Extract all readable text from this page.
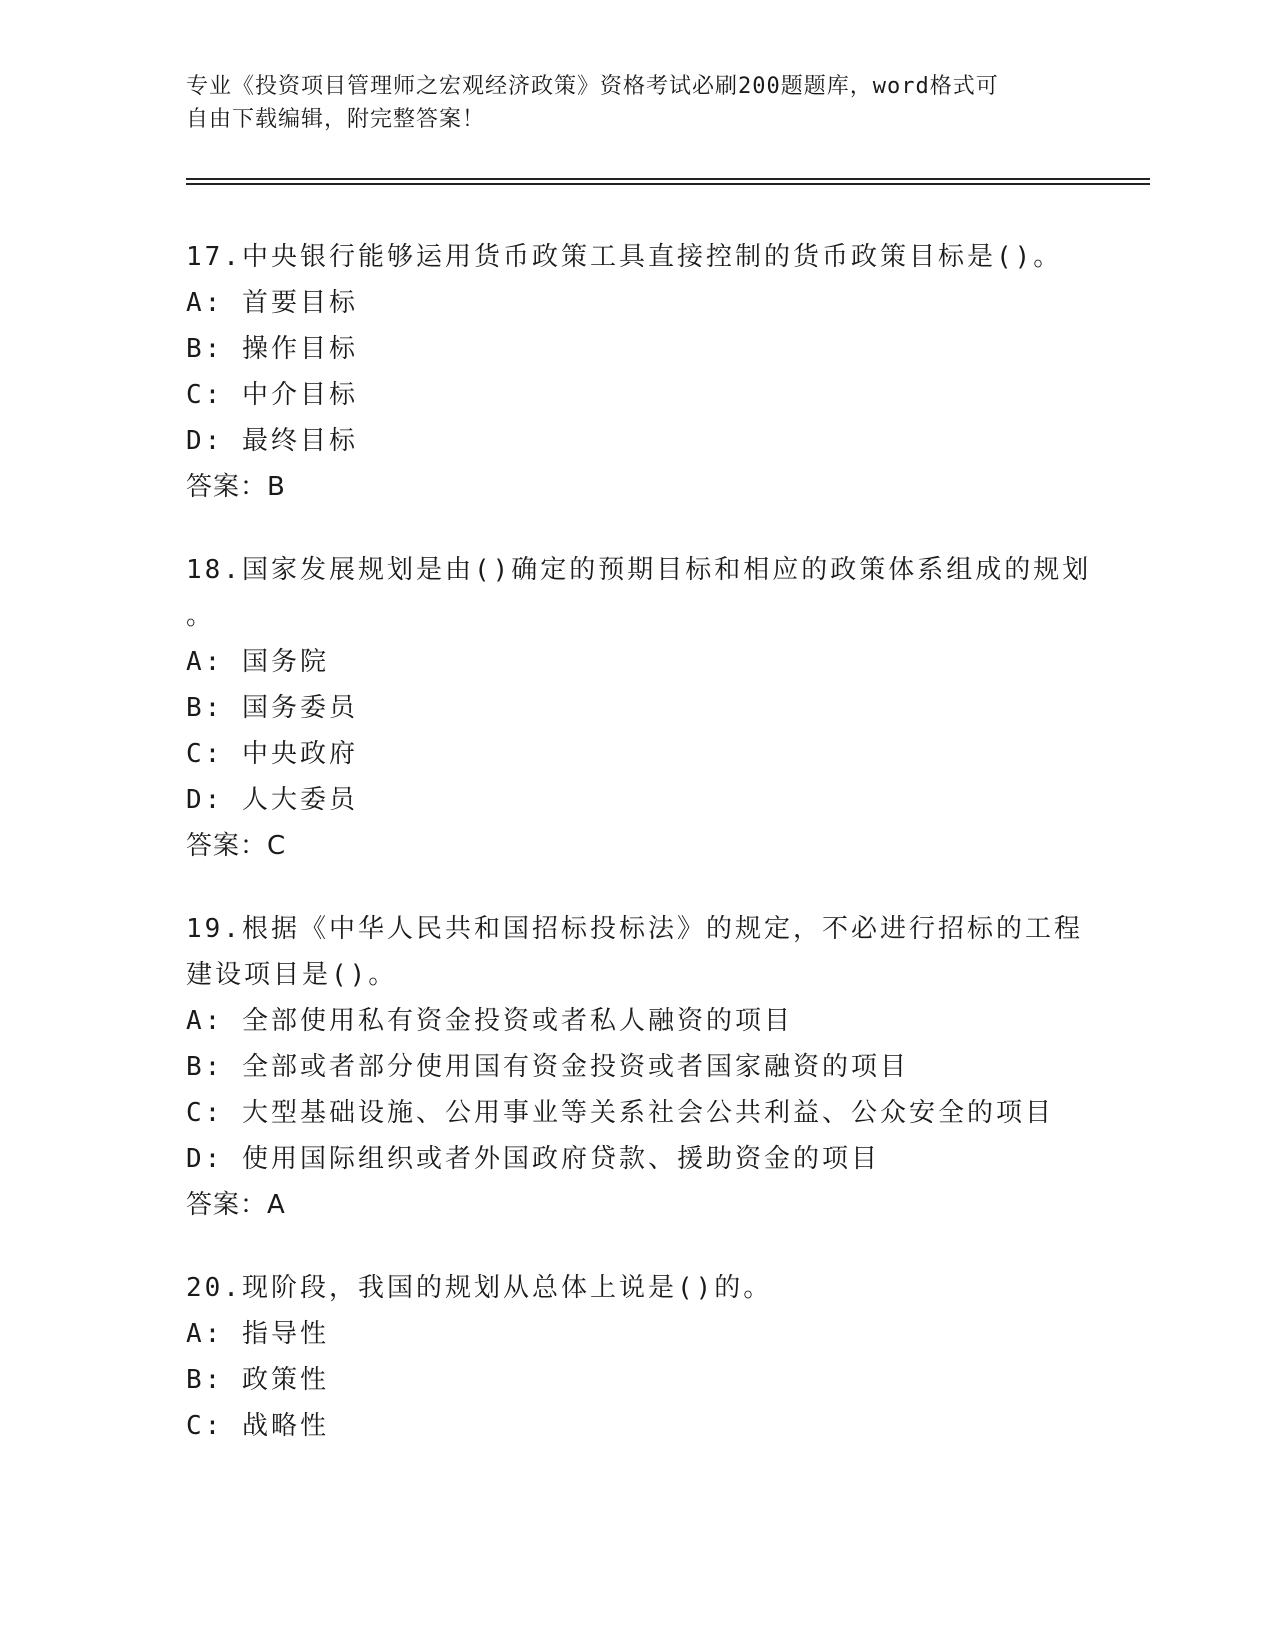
专业《投资项目管理师之宏观经济政策》资格考试必刷200题题库，word格式可
自由下载编辑，附完整答案！
17.中央银行能够运用货币政策工具直接控制的货币政策目标是()。
A: 首要目标
B: 操作目标
C: 中介目标
D: 最终目标
答案：B
18.国家发展规划是由()确定的预期目标和相应的政策体系组成的规划
。
A: 国务院
B: 国务委员
C: 中央政府
D: 人大委员
答案：C
19.根据《中华人民共和国招标投标法》的规定，不必进行招标的工程
建设项目是()。
A: 全部使用私有资金投资或者私人融资的项目
B: 全部或者部分使用国有资金投资或者国家融资的项目
C: 大型基础设施、公用事业等关系社会公共利益、公众安全的项目
D: 使用国际组织或者外国政府贷款、援助资金的项目
答案：A
20.现阶段，我国的规划从总体上说是()的。
A: 指导性
B: 政策性
C: 战略性
